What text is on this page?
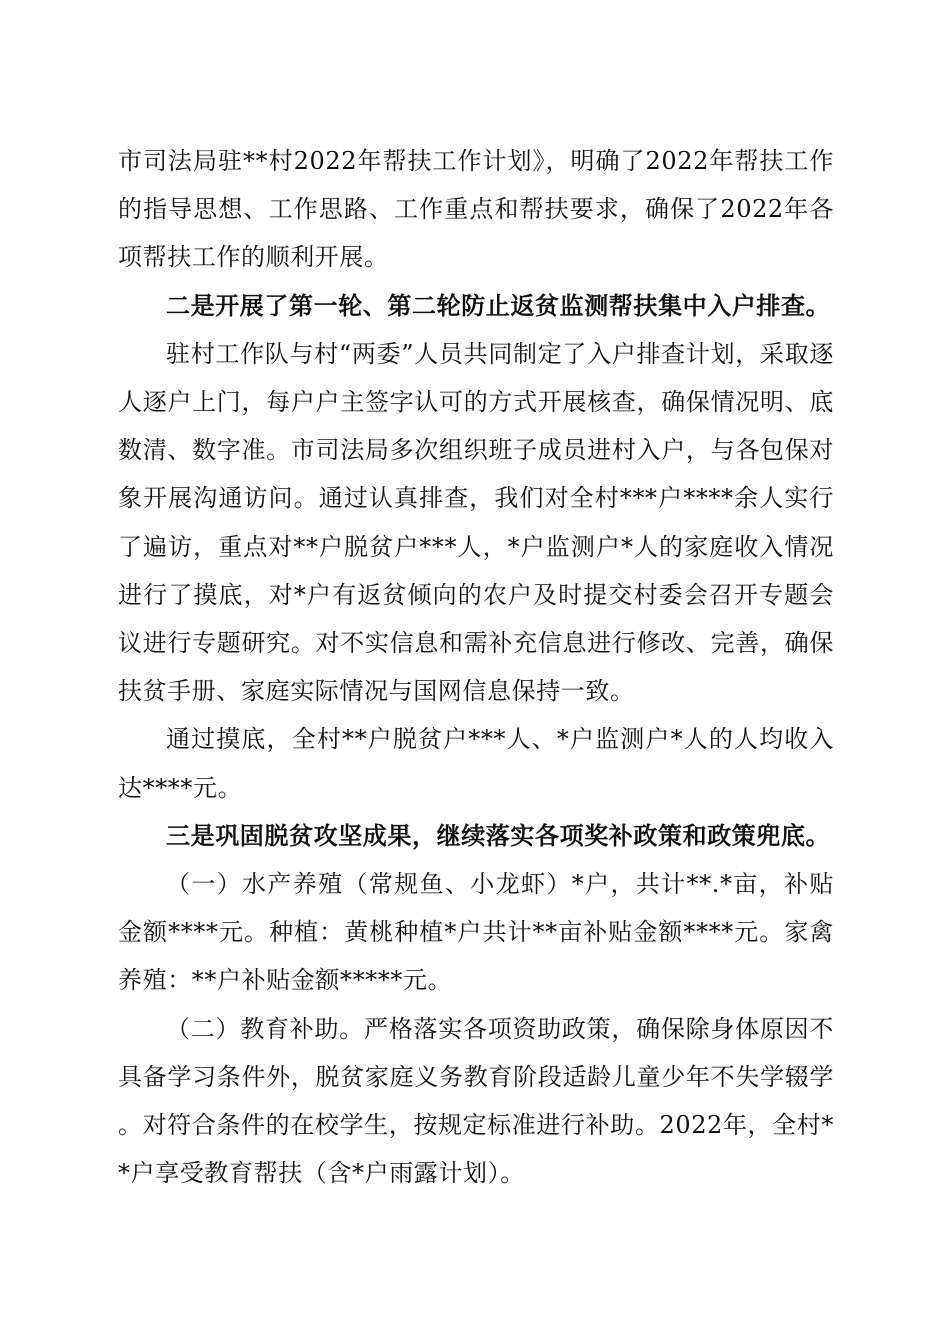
市司法局驻**村2022年帮扶工作计划》，明确了2022年帮扶工作的指导思想、工作思路、工作重点和帮扶要求，确保了2022年各项帮扶工作的顺利开展。

二是开展了第一轮、第二轮防止返贫监测帮扶集中入户排查。

驻村工作队与村“两委”人员共同制定了入户排查计划，采取逐人逐户上门，每户户主签字认可的方式开展核查，确保情况明、底数清、数字准。市司法局多次组织班子成员进村入户，与各包保对象开展沟通访问。通过认真排查，我们对全村***户****余人实行了遍访，重点对**户脱贫户***人，*户监测户*人的家庭收入情况进行了摸底，对*户有返贫倾向的农户及时提交村委会召开专题会议进行专题研究。对不实信息和需补充信息进行修改、完善，确保扶贫手册、家庭实际情况与国网信息保持一致。

通过摸底，全村**户脱贫户***人、*户监测户*人的人均收入达****元。

三是巩固脱贫攻坚成果，继续落实各项奖补政策和政策兜底。

（一）水产养殖（常规鱼、小龙虾）*户，共计**.*亩，补贴金额****元。种植：黄桃种植*户共计**亩补贴金额****元。家禽养殖：**户补贴金额*****元。

（二）教育补助。严格落实各项资助政策，确保除身体原因不具备学习条件外，脱贫家庭义务教育阶段适龄儿童少年不失学辍学。对符合条件的在校学生，按规定标准进行补助。2022年，全村**户享受教育帮扶（含*户雨露计划）。
